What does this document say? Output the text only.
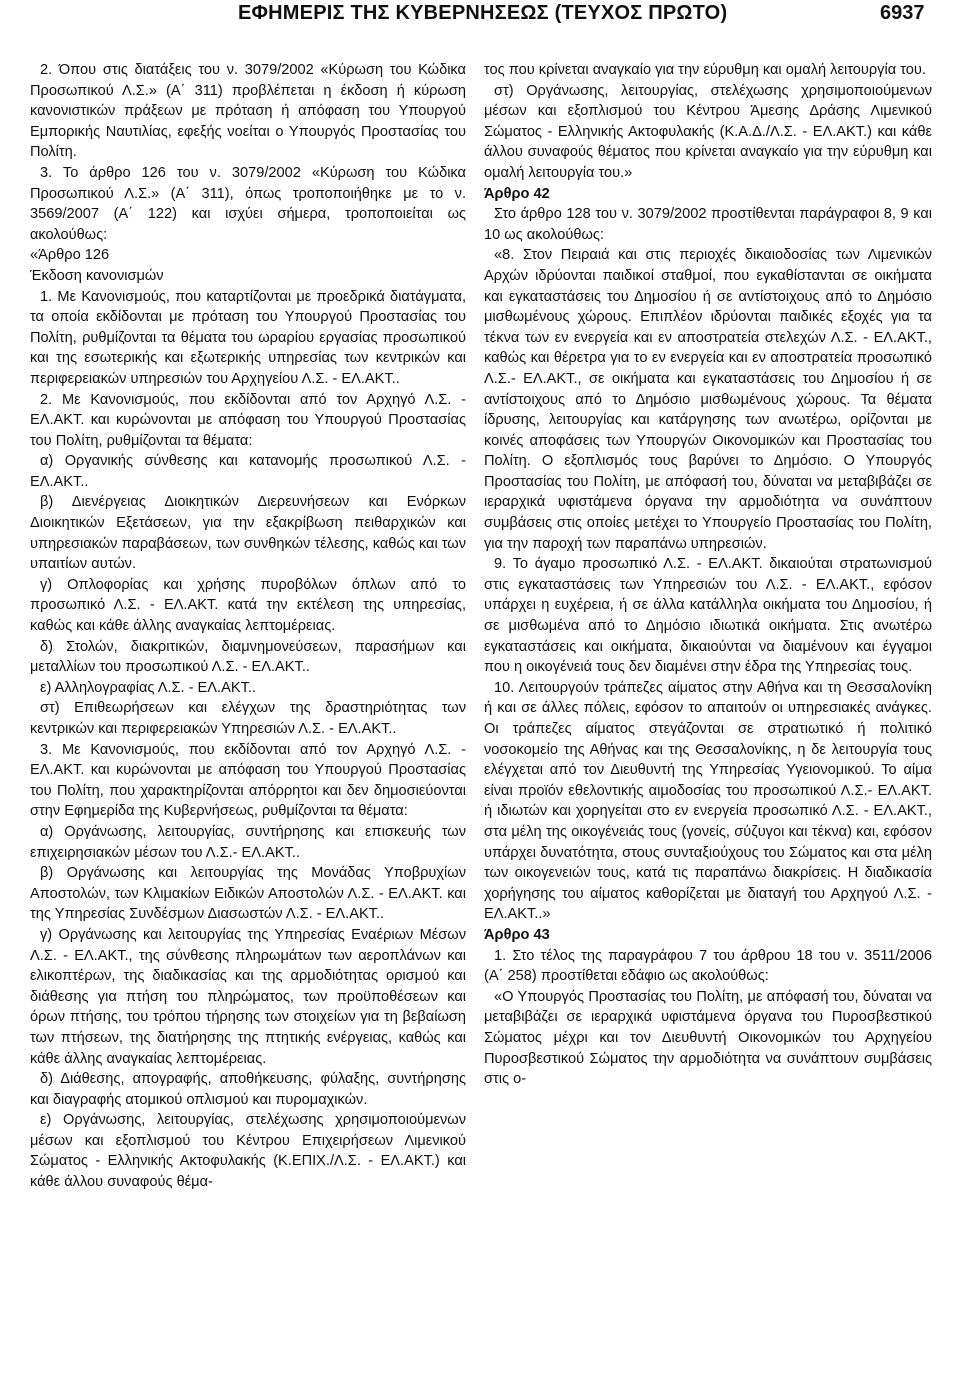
ΕΦΗΜΕΡΙΣ ΤΗΣ ΚΥΒΕΡΝΗΣΕΩΣ (ΤΕΥΧΟΣ ΠΡΩΤΟ)	6937

2. Όπου στις διατάξεις του ν. 3079/2002 «Κύρωση του Κώδικα Προσωπικού Λ.Σ.» (Α΄ 311) προβλέπεται η έκδοση ή κύρωση κανονιστικών πράξεων με πρόταση ή απόφαση του Υπουργού Εμπορικής Ναυτιλίας, εφεξής νοείται ο Υπουργός Προστασίας του Πολίτη.

3. Το άρθρο 126 του ν. 3079/2002 «Κύρωση του Κώδικα Προσωπικού Λ.Σ.» (Α΄ 311), όπως τροποποιήθηκε με το ν. 3569/2007 (Α΄ 122) και ισχύει σήμερα, τροποποιείται ως ακολούθως:

«Άρθρο 126

Έκδοση κανονισμών

1. Με Κανονισμούς, που καταρτίζονται με προεδρικά διατάγματα, τα οποία εκδίδονται με πρόταση του Υπουργού Προστασίας του Πολίτη, ρυθμίζονται τα θέματα του ωραρίου εργασίας προσωπικού και της εσωτερικής και εξωτερικής υπηρεσίας των κεντρικών και περιφερειακών υπηρεσιών του Αρχηγείου Λ.Σ. - ΕΛ.ΑΚΤ..

2. Με Κανονισμούς, που εκδίδονται από τον Αρχηγό Λ.Σ. - ΕΛ.ΑΚΤ. και κυρώνονται με απόφαση του Υπουργού Προστασίας του Πολίτη, ρυθμίζονται τα θέματα:

α) Οργανικής σύνθεσης και κατανομής προσωπικού Λ.Σ. - ΕΛ.ΑΚΤ..

β) Διενέργειας Διοικητικών Διερευνήσεων και Ενόρκων Διοικητικών Εξετάσεων, για την εξακρίβωση πειθαρχικών και υπηρεσιακών παραβάσεων, των συνθηκών τέλεσης, καθώς και των υπαιτίων αυτών.

γ) Οπλοφορίας και χρήσης πυροβόλων όπλων από το προσωπικό Λ.Σ. - ΕΛ.ΑΚΤ. κατά την εκτέλεση της υπηρεσίας, καθώς και κάθε άλλης αναγκαίας λεπτομέρειας.

δ) Στολών, διακριτικών, διαμνημονεύσεων, παρασήμων και μεταλλίων του προσωπικού Λ.Σ. - ΕΛ.ΑΚΤ..

ε) Αλληλογραφίας Λ.Σ. - ΕΛ.ΑΚΤ..

στ) Επιθεωρήσεων και ελέγχων της δραστηριότητας των κεντρικών και περιφερειακών Υπηρεσιών Λ.Σ. - ΕΛ.ΑΚΤ..

3. Με Κανονισμούς, που εκδίδονται από τον Αρχηγό Λ.Σ. - ΕΛ.ΑΚΤ. και κυρώνονται με απόφαση του Υπουργού Προστασίας του Πολίτη, που χαρακτηρίζονται απόρρητοι και δεν δημοσιεύονται στην Εφημερίδα της Κυβερνήσεως, ρυθμίζονται τα θέματα:

α) Οργάνωσης, λειτουργίας, συντήρησης και επισκευής των επιχειρησιακών μέσων του Λ.Σ.- ΕΛ.ΑΚΤ..

β) Οργάνωσης και λειτουργίας της Μονάδας Υποβρυχίων Αποστολών, των Κλιμακίων Ειδικών Αποστολών Λ.Σ. - ΕΛ.ΑΚΤ. και της Υπηρεσίας Συνδέσμων Διασωστών Λ.Σ. - ΕΛ.ΑΚΤ..

γ) Οργάνωσης και λειτουργίας της Υπηρεσίας Εναέριων Μέσων Λ.Σ. - ΕΛ.ΑΚΤ., της σύνθεσης πληρωμάτων των αεροπλάνων και ελικοπτέρων, της διαδικασίας και της αρμοδιότητας ορισμού και διάθεσης για πτήση του πληρώματος, των προϋποθέσεων και όρων πτήσης, του τρόπου τήρησης των στοιχείων για τη βεβαίωση των πτήσεων, της διατήρησης της πτητικής ενέργειας, καθώς και κάθε άλλης αναγκαίας λεπτομέρειας.

δ) Διάθεσης, απογραφής, αποθήκευσης, φύλαξης, συντήρησης και διαγραφής ατομικού οπλισμού και πυρομαχικών.

ε) Οργάνωσης, λειτουργίας, στελέχωσης χρησιμοποιούμενων μέσων και εξοπλισμού του Κέντρου Επιχειρήσεων Λιμενικού Σώματος - Ελληνικής Ακτοφυλακής (Κ.ΕΠΙΧ./Λ.Σ. - ΕΛ.ΑΚΤ.) και κάθε άλλου συναφούς θέμα-

τος που κρίνεται αναγκαίο για την εύρυθμη και ομαλή λειτουργία του.

στ) Οργάνωσης, λειτουργίας, στελέχωσης χρησιμοποιούμενων μέσων και εξοπλισμού του Κέντρου Άμεσης Δράσης Λιμενικού Σώματος - Ελληνικής Ακτοφυλακής (Κ.Α.Δ./Λ.Σ. - ΕΛ.ΑΚΤ.) και κάθε άλλου συναφούς θέματος που κρίνεται αναγκαίο για την εύρυθμη και ομαλή λειτουργία του.»

Άρθρο 42

Στο άρθρο 128 του ν. 3079/2002 προστίθενται παράγραφοι 8, 9 και 10 ως ακολούθως:

«8. Στον Πειραιά και στις περιοχές δικαιοδοσίας των Λιμενικών Αρχών ιδρύονται παιδικοί σταθμοί, που εγκαθίστανται σε οικήματα και εγκαταστάσεις του Δημοσίου ή σε αντίστοιχους από το Δημόσιο μισθωμένους χώρους. Επιπλέον ιδρύονται παιδικές εξοχές για τα τέκνα των εν ενεργεία και εν αποστρατεία στελεχών Λ.Σ. - ΕΛ.ΑΚΤ., καθώς και θέρετρα για το εν ενεργεία και εν αποστρατεία προσωπικό Λ.Σ.- ΕΛ.ΑΚΤ., σε οικήματα και εγκαταστάσεις του Δημοσίου ή σε αντίστοιχους από το Δημόσιο μισθωμένους χώρους. Τα θέματα ίδρυσης, λειτουργίας και κατάργησης των ανωτέρω, ορίζονται με κοινές αποφάσεις των Υπουργών Οικονομικών και Προστασίας του Πολίτη. Ο εξοπλισμός τους βαρύνει το Δημόσιο. Ο Υπουργός Προστασίας του Πολίτη, με απόφασή του, δύναται να μεταβιβάζει σε ιεραρχικά υφιστάμενα όργανα την αρμοδιότητα να συνάπτουν συμβάσεις στις οποίες μετέχει το Υπουργείο Προστασίας του Πολίτη, για την παροχή των παραπάνω υπηρεσιών.

9. Το άγαμο προσωπικό Λ.Σ. - ΕΛ.ΑΚΤ. δικαιούται στρατωνισμού στις εγκαταστάσεις των Υπηρεσιών του Λ.Σ. - ΕΛ.ΑΚΤ., εφόσον υπάρχει η ευχέρεια, ή σε άλλα κατάλληλα οικήματα του Δημοσίου, ή σε μισθωμένα από το Δημόσιο ιδιωτικά οικήματα. Στις ανωτέρω εγκαταστάσεις και οικήματα, δικαιούνται να διαμένουν και έγγαμοι που η οικογένειά τους δεν διαμένει στην έδρα της Υπηρεσίας τους.

10. Λειτουργούν τράπεζες αίματος στην Αθήνα και τη Θεσσαλονίκη ή και σε άλλες πόλεις, εφόσον το απαιτούν οι υπηρεσιακές ανάγκες. Οι τράπεζες αίματος στεγάζονται σε στρατιωτικό ή πολιτικό νοσοκομείο της Αθήνας και της Θεσσαλονίκης, η δε λειτουργία τους ελέγχεται από τον Διευθυντή της Υπηρεσίας Υγειονομικού. Το αίμα είναι προϊόν εθελοντικής αιμοδοσίας του προσωπικού Λ.Σ.- ΕΛ.ΑΚΤ. ή ιδιωτών και χορηγείται στο εν ενεργεία προσωπικό Λ.Σ. - ΕΛ.ΑΚΤ., στα μέλη της οικογένειάς τους (γονείς, σύζυγοι και τέκνα) και, εφόσον υπάρχει δυνατότητα, στους συνταξιούχους του Σώματος και στα μέλη των οικογενειών τους, κατά τις παραπάνω διακρίσεις. Η διαδικασία χορήγησης του αίματος καθορίζεται με διαταγή του Αρχηγού Λ.Σ. - ΕΛ.ΑΚΤ..»

Άρθρο 43

1. Στο τέλος της παραγράφου 7 του άρθρου 18 του ν. 3511/2006 (Α΄ 258) προστίθεται εδάφιο ως ακολούθως:

«Ο Υπουργός Προστασίας του Πολίτη, με απόφασή του, δύναται να μεταβιβάζει σε ιεραρχικά υφιστάμενα όργανα του Πυροσβεστικού Σώματος μέχρι και τον Διευθυντή Οικονομικών του Αρχηγείου Πυροσβεστικού Σώματος την αρμοδιότητα να συνάπτουν συμβάσεις στις ο-
